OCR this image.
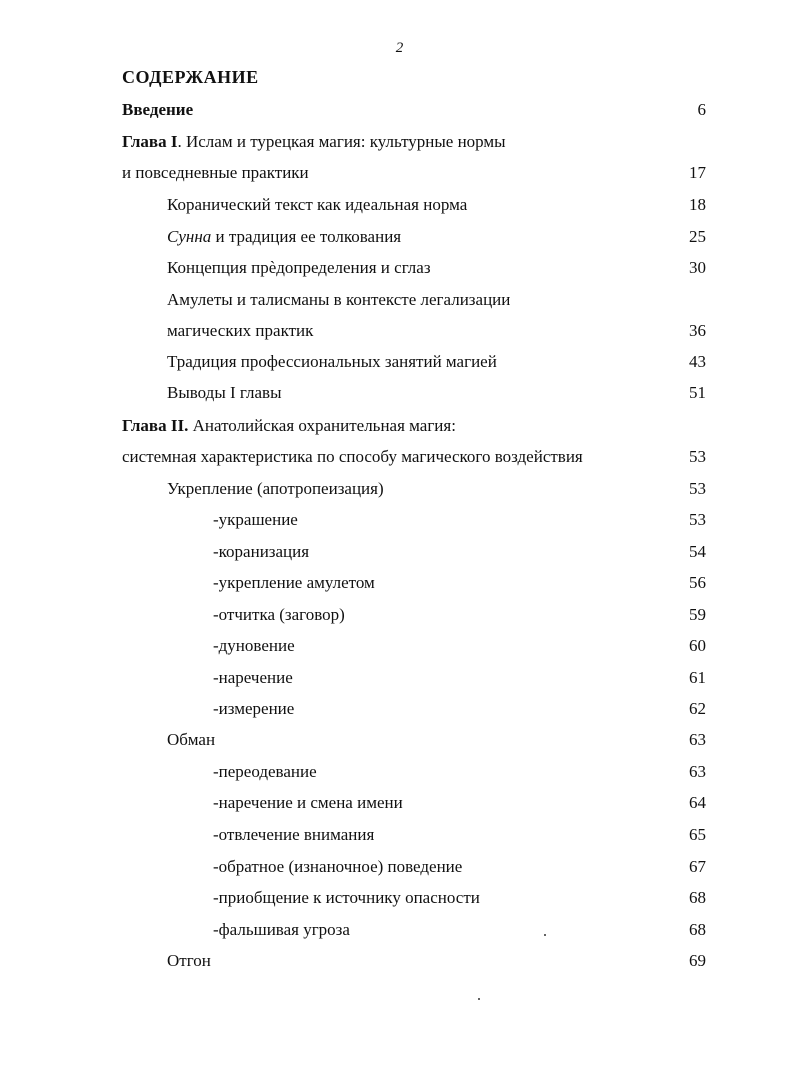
2
СОДЕРЖАНИЕ
Введение	6
Глава I. Ислам и турецкая магия: культурные нормы
и повседневные практики	17
Коранический текст как идеальная норма	18
Сунна и традиция ее толкования	25
Концепция прѐдопределения и сглаз	30
Амулеты и талисманы в контексте легализации
магических практик	36
Традиция профессиональных занятий магией	43
Выводы I главы	51
Глава II. Анатолийская охранительная магия:
системная характеристика по способу магического воздействия	53
Укрепление (апотропеизация)	53
-украшение	53
-коранизация	54
-укрепление амулетом	56
-отчитка (заговор)	59
-дуновение	60
-наречение	61
-измерение	62
Обман	63
-переодевание	63
-наречение и смена имени	64
-отвлечение внимания	65
-обратное (изнаночное) поведение	67
-приобщение к источнику опасности	68
-фальшивая угроза	68
Отгон	69
